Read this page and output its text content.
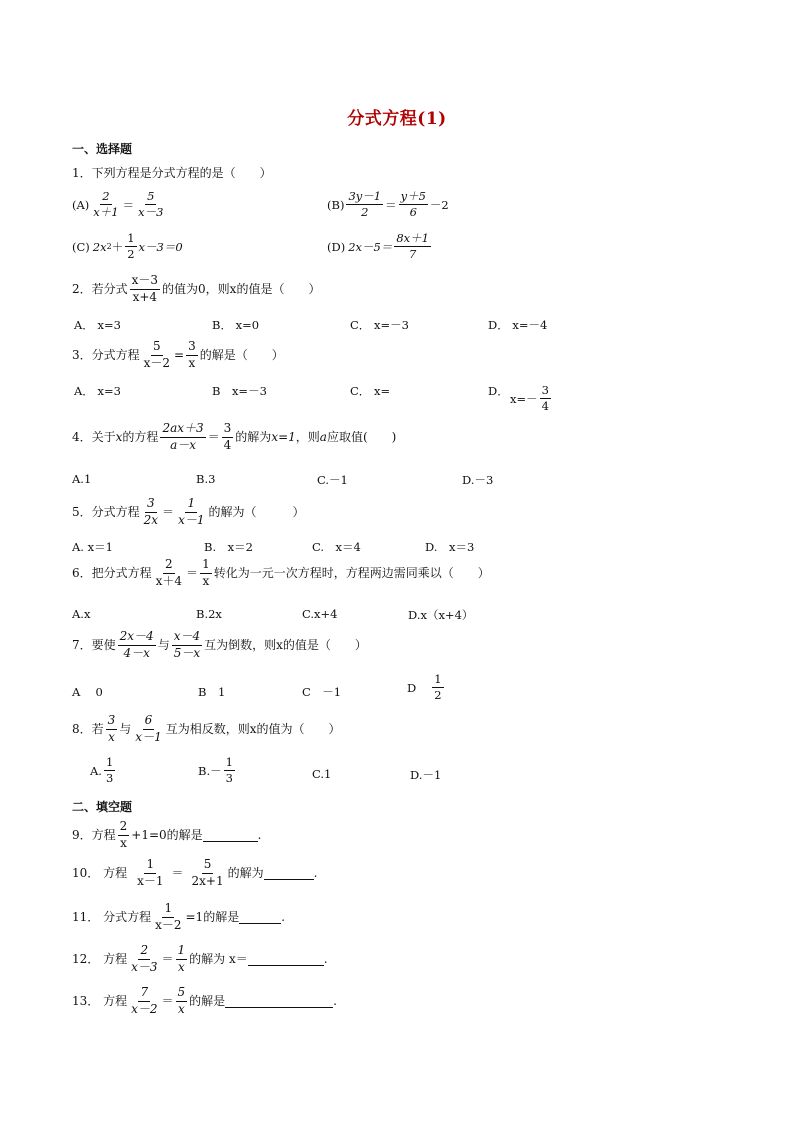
分式方程(1)
一、选择题
1．下列方程是分式方程的是（　　）
$(A) \frac{2}{x+1} = \frac{5}{x-3}$	$(B) \frac{3y-1}{2} = \frac{y+5}{6} -2$
(C) 2x $2 + \frac{1}{2} x-3=0$	(D) $2x-5= \frac{8x+1}{7}$
2．若分式 $\frac{x-3}{x+4}$ 的值为0，则x的值是（　　）
A． x=3	B． x=0	C． x=－3	D． x=－4
3．分式方程 $\frac{5}{x-2} = \frac{3}{x}$ 的解是（　　）
A． x=3	B　x=－3	C． x=	D．
$x=- \frac{3}{4}$
4．关于 x 的方程 $\frac{2ax+3}{a-x} = \frac{3}{4}$ 的解为 x=1 ，则 a 应取值(　　)
A.1	B.3	C.－1	D.－3
5．分式方程 $\frac{3}{2x} = \frac{1}{x-1}$ 的解为（　　　）
A. x＝1	B.　x＝2	C.　x＝4	D.　x＝3
6．把分式方程 $\frac{2}{x+4} = \frac{1}{x}$ 转化为一元一次方程时，方程两边需同乘以（　　）
A.x	B.2x	C.x+4	D.x（x+4）
7．要使 $\frac{2x-4}{4-x}$ 与 $\frac{x-4}{5-x}$ 互为倒数，则x的值是（　　）
A　 0	B　1	C　－1	D $\frac{1}{2}$
8．若 $\frac{3}{x}$ 与 $\frac{6}{x-1}$ 互为相反数，则x的值为（　　）
A. $\frac{1}{3}$	$B.- \frac{1}{3}$	C.1	D.－1
二、填空题
9．方程 $\frac{2}{x} +1=0$的解是	.
10． 方程 $\frac{1}{x-1} = \frac{5}{2x+1}$ 的解为	.
11． 分式方程 $\frac{1}{x-2} =1$的解是	.
12． 方程 $\frac{2}{x-3} = \frac{1}{x}$ 的解为 x＝	.
13． 方程 $\frac{7}{x-2} = \frac{5}{x}$ 的解是	.
